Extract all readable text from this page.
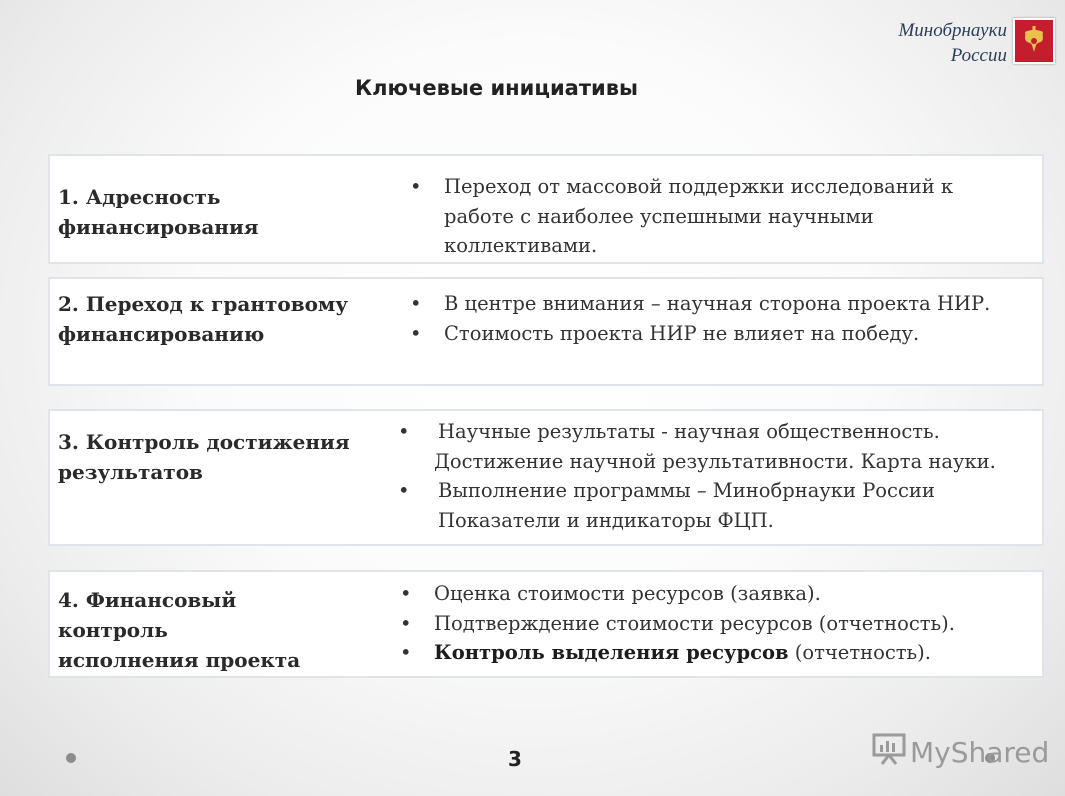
Минобрнауки
России
Ключевые инициативы
1. Адресность
финансирования
• Переход от массовой поддержки исследований к
работе с наиболее успешными научными
коллективами.
2. Переход к грантовому
финансированию
• В центре внимания – научная сторона проекта НИР.
• Стоимость проекта НИР не влияет на победу.
3. Контроль достижения
результатов
• Научные результаты - научная общественность.
Достижение научной результативности. Карта науки.
• Выполнение программы – Минобрнауки России
Показатели и индикаторы ФЦП.
4. Финансовый
контроль
исполнения проекта
• Оценка стоимости ресурсов (заявка).
• Подтверждение стоимости ресурсов (отчетность).
• Контроль выделения ресурсов (отчетность).
3	MyShared
